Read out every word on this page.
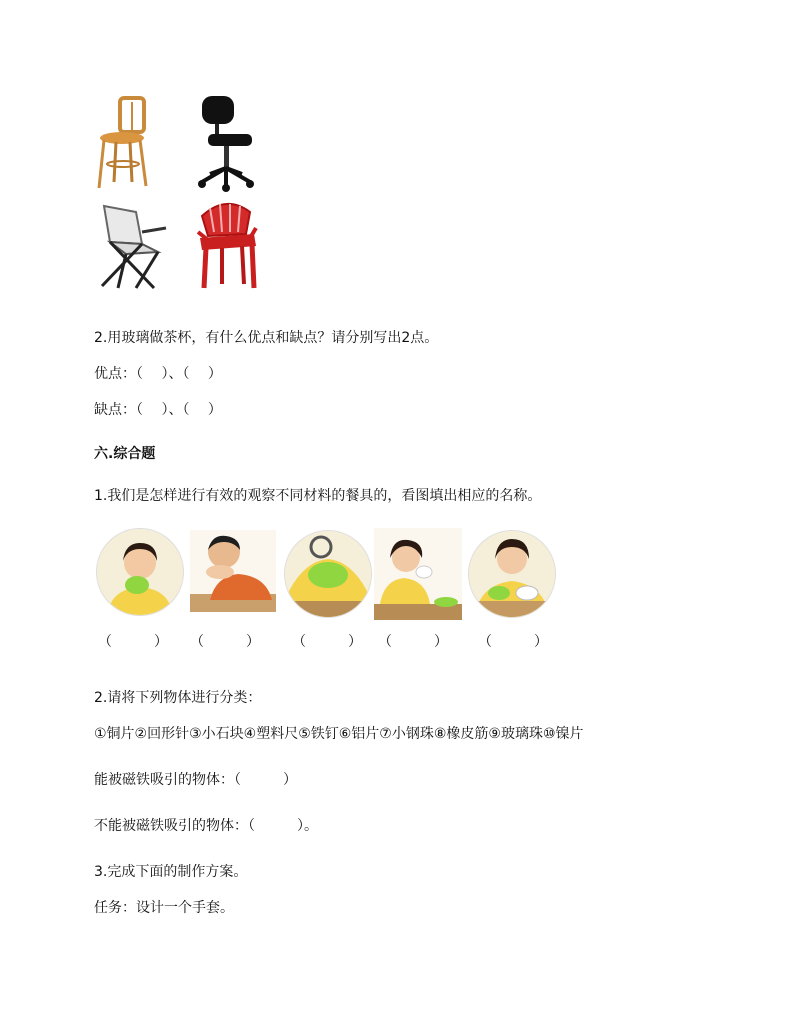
2.用玻璃做茶杯，有什么优点和缺点？请分别写出2点。
优点：（　 ）、（　 ）
缺点：（　 ）、（　 ）
六.综合题
1.我们是怎样进行有效的观察不同材料的餐具的，看图填出相应的名称。
（　　　） （　　　） （　　　） （　　　） （　　　）
2.请将下列物体进行分类：
①铜片②回形针③小石块④塑料尺⑤铁钉⑥铝片⑦小钢珠⑧橡皮筋⑨玻璃珠⑩镍片
能被磁铁吸引的物体：（　　　）
不能被磁铁吸引的物体：（　　　）。
3.完成下面的制作方案。
任务：设计一个手套。
